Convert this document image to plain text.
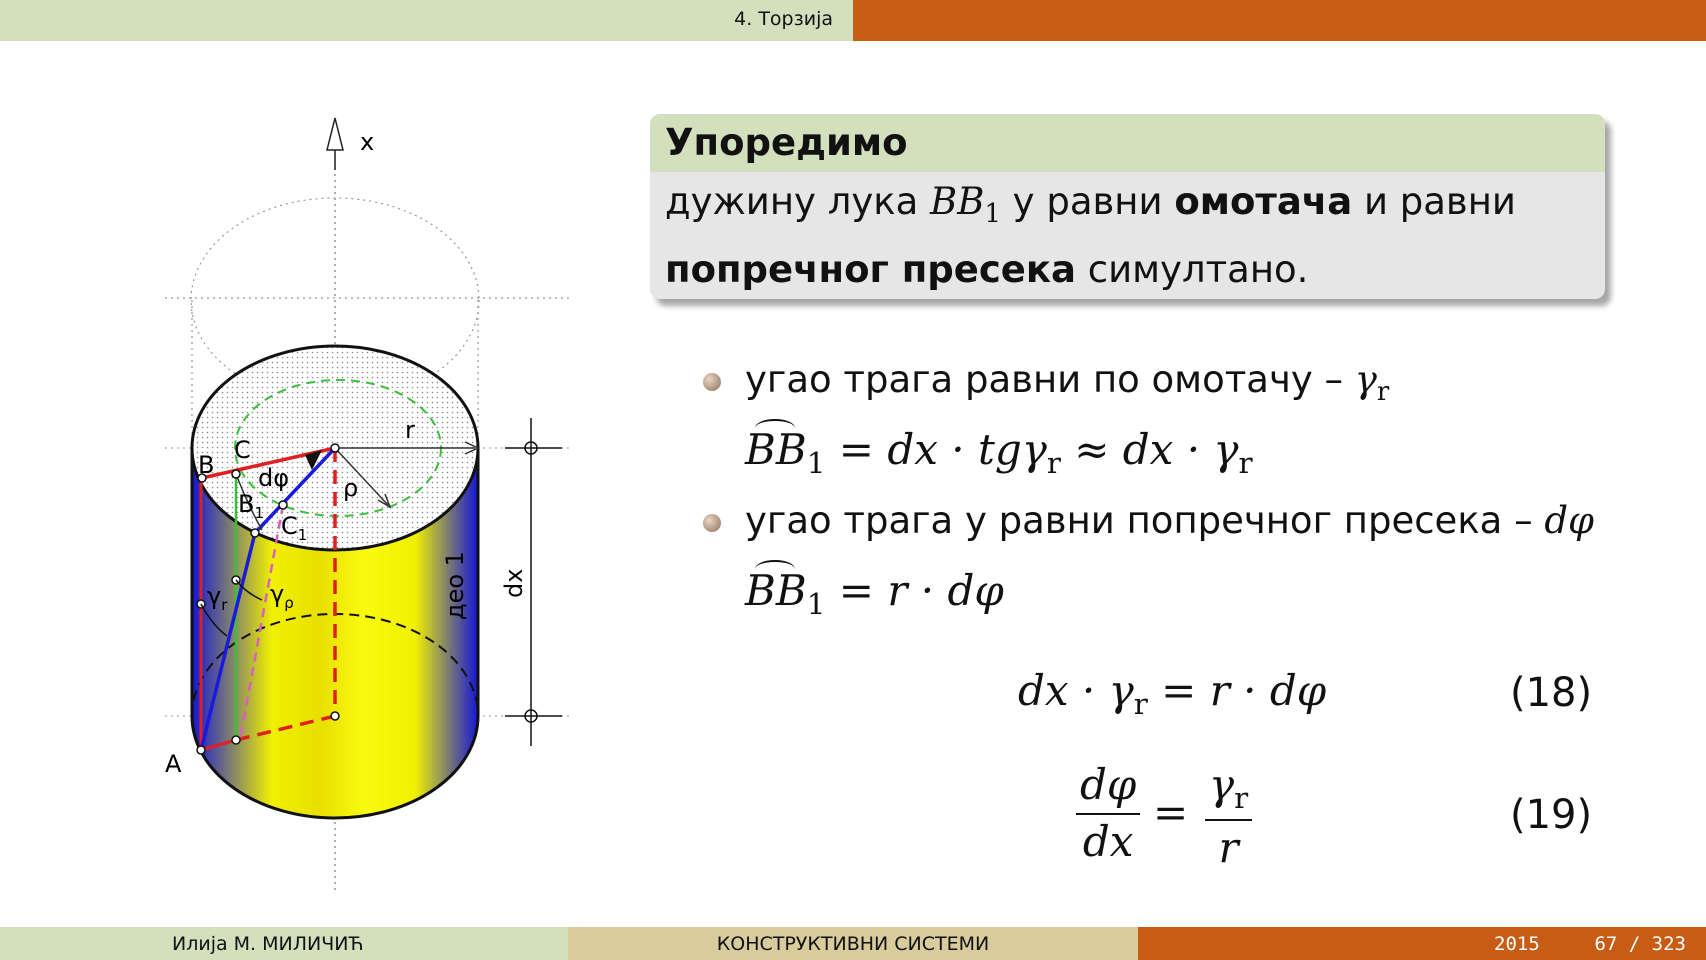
4. Торзија
x
r
ρ
B
C
dφ
$B_1$ $C_1$
$\gamma_r$ $\gamma_\rho$
A
део 1 dx
Упоредимо
дужину лука $BB_1$ у равни омотача и равни
попречног пресека симултано.
угао трага равни по омотачу – $\gamma_r$
$BB_1$ = dx · tgγ$_r$ ≈ dx · $\gamma_r$
угао трага у равни попречног пресека – dφ
$BB_1 = r \cdot d\varphi$
dx · $\gamma_r = r \cdot d\varphi$	(18)
$\frac{d\varphi}{dx} = \frac{\gamma_r}{r}$	(19)
Илија М. МИЛИЧИЋ	КОНСТРУКТИВНИ СИСТЕМИ	2015	67 / 323
